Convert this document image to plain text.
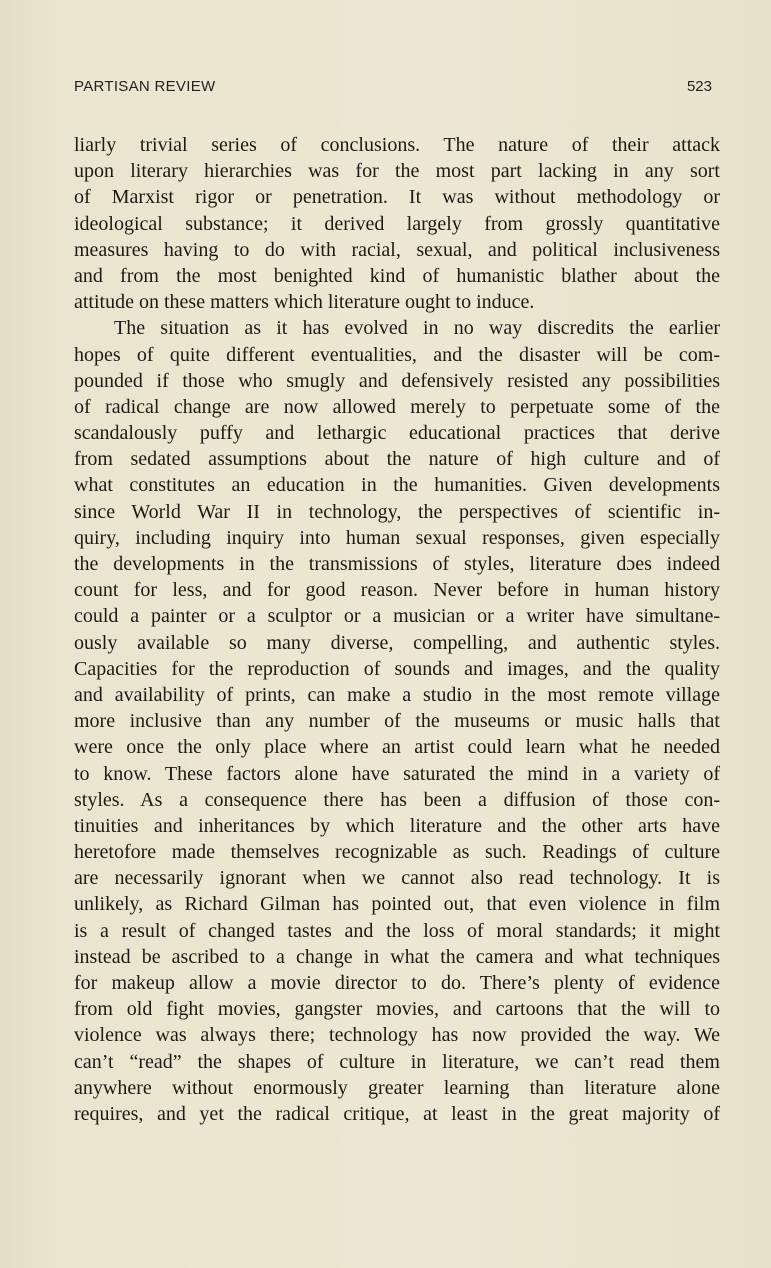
PARTISAN REVIEW	523
liarly trivial series of conclusions. The nature of their attack
upon literary hierarchies was for the most part lacking in any sort
of Marxist rigor or penetration. It was without methodology or
ideological substance; it derived largely from grossly quantitative
measures having to do with racial, sexual, and political inclusiveness
and from the most benighted kind of humanistic blather about the
attitude on these matters which literature ought to induce.
The situation as it has evolved in no way discredits the earlier
hopes of quite different eventualities, and the disaster will be com-
pounded if those who smugly and defensively resisted any possibilities
of radical change are now allowed merely to perpetuate some of the
scandalously puffy and lethargic educational practices that derive
from sedated assumptions about the nature of high culture and of
what constitutes an education in the humanities. Given developments
since World War II in technology, the perspectives of scientific in-
quiry, including inquiry into human sexual responses, given especially
the developments in the transmissions of styles, literature dɔes indeed
count for less, and for good reason. Never before in human history
could a painter or a sculptor or a musician or a writer have simultane-
ously available so many diverse, compelling, and authentic styles.
Capacities for the reproduction of sounds and images, and the quality
and availability of prints, can make a studio in the most remote village
more inclusive than any number of the museums or music halls that
were once the only place where an artist could learn what he needed
to know. These factors alone have saturated the mind in a variety of
styles. As a consequence there has been a diffusion of those con-
tinuities and inheritances by which literature and the other arts have
heretofore made themselves recognizable as such. Readings of culture
are necessarily ignorant when we cannot also read technology. It is
unlikely, as Richard Gilman has pointed out, that even violence in film
is a result of changed tastes and the loss of moral standards; it might
instead be ascribed to a change in what the camera and what techniques
for makeup allow a movie director to do. There’s plenty of evidence
from old fight movies, gangster movies, and cartoons that the will to
violence was always there; technology has now provided the way. We
can’t “read” the shapes of culture in literature, we can’t read them
anywhere without enormously greater learning than literature alone
requires, and yet the radical critique, at least in the great majority of
